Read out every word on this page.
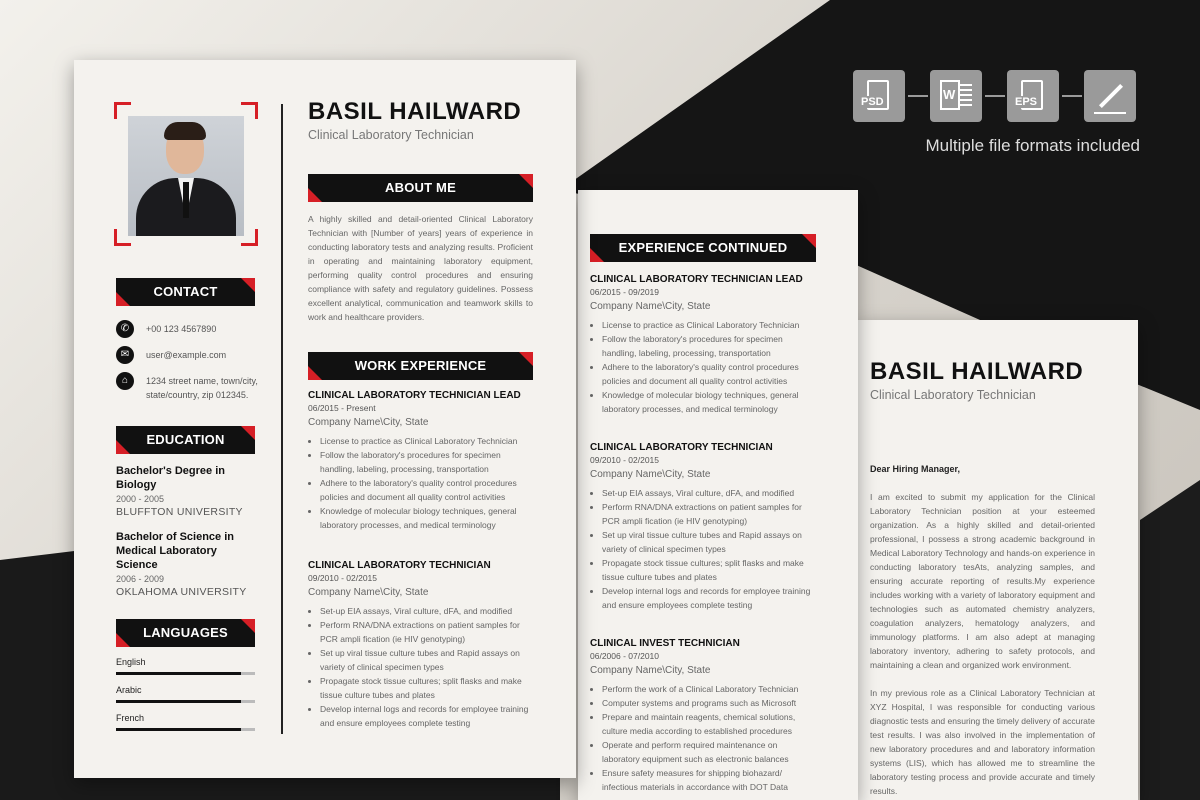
PSD	W	EPS
Multiple file formats included
BASIL HAILWARD
Clinical Laboratory Technician
Dear Hiring Manager,
I am excited to submit my application for the Clinical Laboratory Technician position at your esteemed organization. As a highly skilled and detail-oriented professional, I possess a strong academic background in Medical Laboratory Technology and hands-on experience in conducting laboratory tesAts, analyzing samples, and ensuring accurate reporting of results.My experience includes working with a variety of laboratory equipment and technologies such as automated chemistry analyzers, coagulation analyzers, hematology analyzers, and immunology platforms. I am also adept at managing laboratory inventory, adhering to safety protocols, and maintaining a clean and organized work environment.
In my previous role as a Clinical Laboratory Technician at XYZ Hospital, I was responsible for conducting various diagnostic tests and ensuring the timely delivery of accurate test results. I was also involved in the implementation of new laboratory procedures and and laboratory information systems (LIS), which has allowed me to streamline the laboratory testing process and provide accurate and timely results.
EXPERIENCE CONTINUED
CLINICAL LABORATORY TECHNICIAN LEAD
06/2015 - 09/2019
Company Name\City, State
• License to practice as Clinical Laboratory Technician
• Follow the laboratory's procedures for specimen handling, labeling, processing, transportation
• Adhere to the laboratory's quality control procedures policies and document all quality control activities
• Knowledge of molecular biology techniques, general laboratory processes, and medical terminology
CLINICAL LABORATORY TECHNICIAN
09/2010 - 02/2015
Company Name\City, State
• Set-up EIA assays, Viral culture, dFA, and modified
• Perform RNA/DNA extractions on patient samples for PCR ampli fication (ie HIV genotyping)
• Set up viral tissue culture tubes and Rapid assays on variety of clinical specimen types
• Propagate stock tissue cultures; split flasks and make tissue culture tubes and plates
• Develop internal logs and records for employee training and ensure employees complete testing
CLINICAL INVEST TECHNICIAN
06/2006 - 07/2010
Company Name\City, State
• Perform the work of a Clinical Laboratory Technician
• Computer systems and programs such as Microsoft
• Prepare and maintain reagents, chemical solutions, culture media according to established procedures
• Operate and perform required maintenance on laboratory equipment such as electronic balances
• Ensure safety measures for shipping biohazard/ infectious materials in accordance with DOT Data
CONTACT
✆	+00 123 4567890
✉	user@example.com
⌂	1234 street name, town/city, state/country, zip 012345.
EDUCATION
Bachelor's Degree in Biology
2000 - 2005
BLUFFTON UNIVERSITY
Bachelor of Science in Medical Laboratory Science
2006 - 2009
OKLAHOMA UNIVERSITY
LANGUAGES
English
Arabic
French
BASIL HAILWARD
Clinical Laboratory Technician
ABOUT ME
A highly skilled and detail-oriented Clinical Laboratory Technician with [Number of years] years of experience in conducting laboratory tests and analyzing results. Proficient in operating and maintaining laboratory equipment, performing quality control procedures and ensuring compliance with safety and regulatory guidelines. Possess excellent analytical, communication and teamwork skills to work and healthcare providers.
WORK EXPERIENCE
CLINICAL LABORATORY TECHNICIAN LEAD
06/2015 - Present
Company Name\City, State
• License to practice as Clinical Laboratory Technician
• Follow the laboratory's procedures for specimen handling, labeling, processing, transportation
• Adhere to the laboratory's quality control procedures policies and document all quality control activities
• Knowledge of molecular biology techniques, general laboratory processes, and medical terminology
CLINICAL LABORATORY TECHNICIAN
09/2010 - 02/2015
Company Name\City, State
• Set-up EIA assays, Viral culture, dFA, and modified
• Perform RNA/DNA extractions on patient samples for PCR ampli fication (ie HIV genotyping)
• Set up viral tissue culture tubes and Rapid assays on variety of clinical specimen types
• Propagate stock tissue cultures; split flasks and make tissue culture tubes and plates
• Develop internal logs and records for employee training and ensure employees complete testing
